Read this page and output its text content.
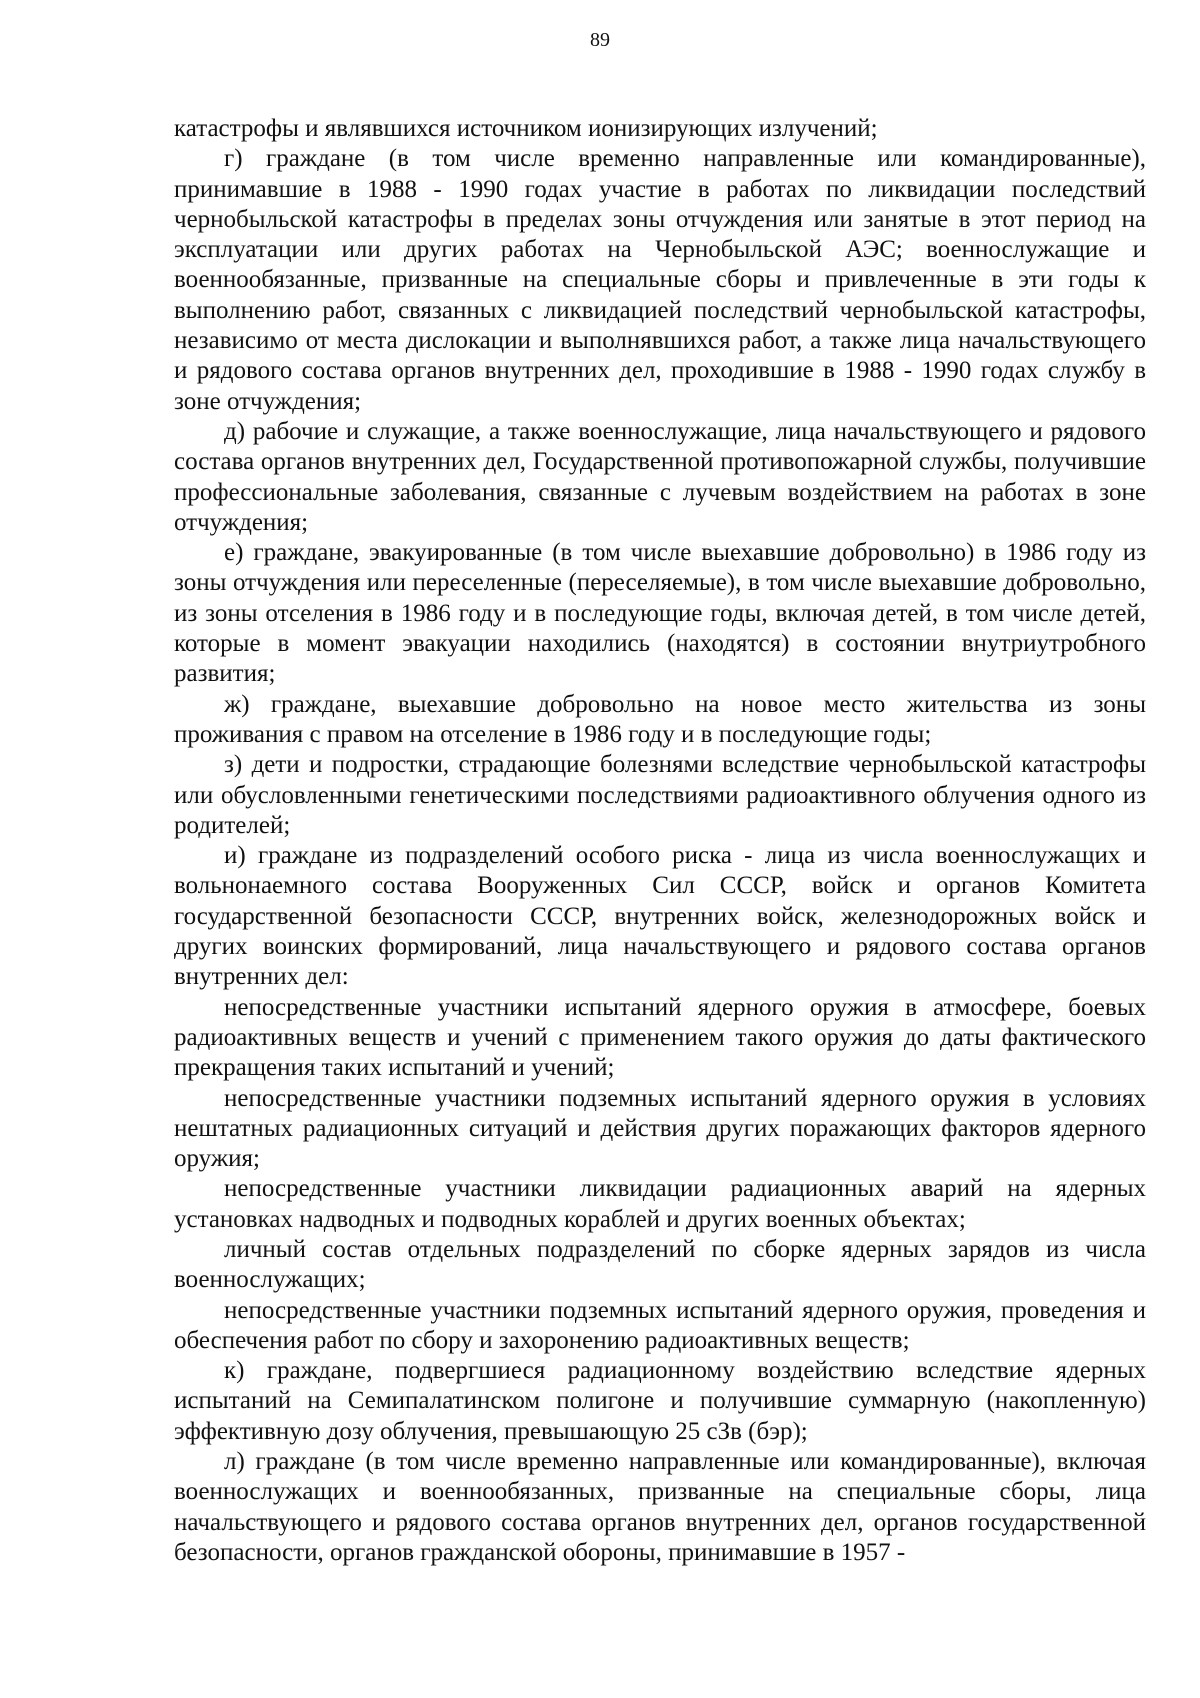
89

катастрофы и являвшихся источником ионизирующих излучений;

г) граждане (в том числе временно направленные или командированные), принимавшие в 1988 - 1990 годах участие в работах по ликвидации последствий чернобыльской катастрофы в пределах зоны отчуждения или занятые в этот период на эксплуатации или других работах на Чернобыльской АЭС; военнослужащие и военнообязанные, призванные на специальные сборы и привлеченные в эти годы к выполнению работ, связанных с ликвидацией последствий чернобыльской катастрофы, независимо от места дислокации и выполнявшихся работ, а также лица начальствующего и рядового состава органов внутренних дел, проходившие в 1988 - 1990 годах службу в зоне отчуждения;

д) рабочие и служащие, а также военнослужащие, лица начальствующего и рядового состава органов внутренних дел, Государственной противопожарной службы, получившие профессиональные заболевания, связанные с лучевым воздействием на работах в зоне отчуждения;

е) граждане, эвакуированные (в том числе выехавшие добровольно) в 1986 году из зоны отчуждения или переселенные (переселяемые), в том числе выехавшие добровольно, из зоны отселения в 1986 году и в последующие годы, включая детей, в том числе детей, которые в момент эвакуации находились (находятся) в состоянии внутриутробного развития;

ж) граждане, выехавшие добровольно на новое место жительства из зоны проживания с правом на отселение в 1986 году и в последующие годы;

з) дети и подростки, страдающие болезнями вследствие чернобыльской катастрофы или обусловленными генетическими последствиями радиоактивного облучения одного из родителей;

и) граждане из подразделений особого риска - лица из числа военнослужащих и вольнонаемного состава Вооруженных Сил СССР, войск и органов Комитета государственной безопасности СССР, внутренних войск, железнодорожных войск и других воинских формирований, лица начальствующего и рядового состава органов внутренних дел:

непосредственные участники испытаний ядерного оружия в атмосфере, боевых радиоактивных веществ и учений с применением такого оружия до даты фактического прекращения таких испытаний и учений;

непосредственные участники подземных испытаний ядерного оружия в условиях нештатных радиационных ситуаций и действия других поражающих факторов ядерного оружия;

непосредственные участники ликвидации радиационных аварий на ядерных установках надводных и подводных кораблей и других военных объектах;

личный состав отдельных подразделений по сборке ядерных зарядов из числа военнослужащих;

непосредственные участники подземных испытаний ядерного оружия, проведения и обеспечения работ по сбору и захоронению радиоактивных веществ;

к) граждане, подвергшиеся радиационному воздействию вследствие ядерных испытаний на Семипалатинском полигоне и получившие суммарную (накопленную) эффективную дозу облучения, превышающую 25 сЗв (бэр);

л) граждане (в том числе временно направленные или командированные), включая военнослужащих и военнообязанных, призванные на специальные сборы, лица начальствующего и рядового состава органов внутренних дел, органов государственной безопасности, органов гражданской обороны, принимавшие в 1957 -
